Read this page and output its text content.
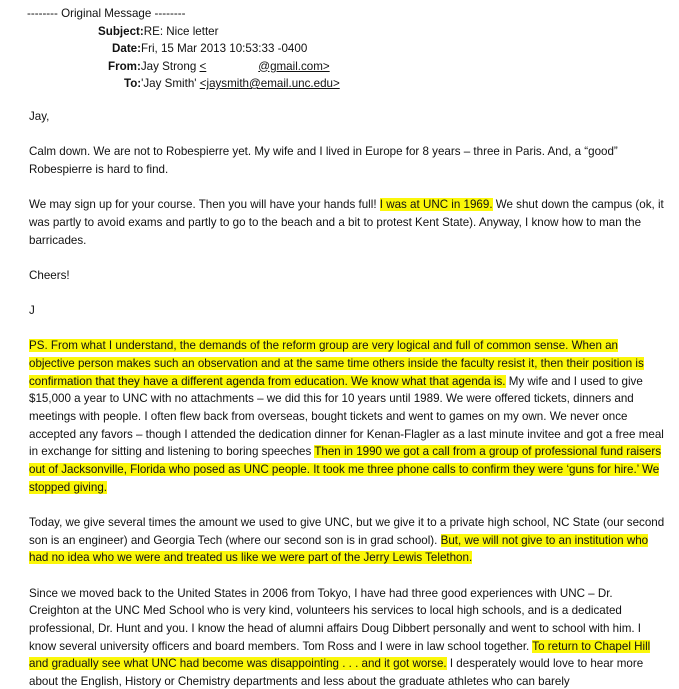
-------- Original Message --------

Subject:RE: Nice letter

Date:Fri, 15 Mar 2013 10:53:33 -0400

From:Jay Strong <	@gmail.com>

To:'Jay Smith' <jaysmith@email.unc.edu>

Jay,

Calm down. We are not to Robespierre yet. My wife and I lived in Europe for 8 years – three in Paris. And, a “good” Robespierre is hard to find.

We may sign up for your course. Then you will have your hands full! I was at UNC in 1969. We shut down the campus (ok, it was partly to avoid exams and partly to go to the beach and a bit to protest Kent State). Anyway, I know how to man the barricades.

Cheers!

J

PS. From what I understand, the demands of the reform group are very logical and full of common sense. When an objective person makes such an observation and at the same time others inside the faculty resist it, then their position is confirmation that they have a different agenda from education. We know what that agenda is. My wife and I used to give $15,000 a year to UNC with no attachments – we did this for 10 years until 1989. We were offered tickets, dinners and meetings with people. I often flew back from overseas, bought tickets and went to games on my own. We never once accepted any favors – though I attended the dedication dinner for Kenan-Flagler as a last minute invitee and got a free meal in exchange for sitting and listening to boring speeches Then in 1990 we got a call from a group of professional fund raisers out of Jacksonville, Florida who posed as UNC people. It took me three phone calls to confirm they were ‘guns for hire.’ We stopped giving.

Today, we give several times the amount we used to give UNC, but we give it to a private high school, NC State (our second son is an engineer) and Georgia Tech (where our second son is in grad school). But, we will not give to an institution who had no idea who we were and treated us like we were part of the Jerry Lewis Telethon.

Since we moved back to the United States in 2006 from Tokyo, I have had three good experiences with UNC – Dr. Creighton at the UNC Med School who is very kind, volunteers his services to local high schools, and is a dedicated professional, Dr. Hunt and you. I know the head of alumni affairs Doug Dibbert personally and went to school with him. I know several university officers and board members. Tom Ross and I were in law school together. To return to Chapel Hill and gradually see what UNC had become was disappointing . . . and it got worse. I desperately would love to hear more about the English, History or Chemistry departments and less about the graduate athletes who can barely
